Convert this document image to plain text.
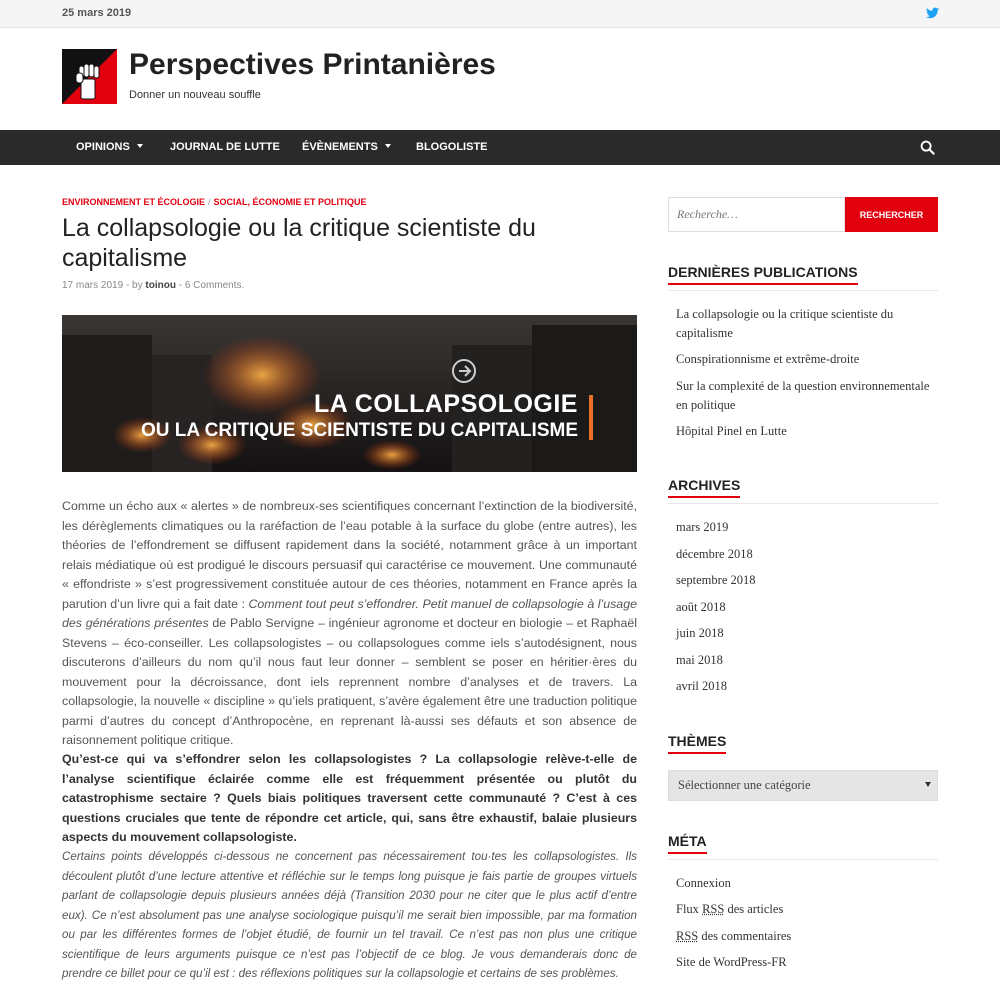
25 mars 2019
Perspectives Printanières
Donner un nouveau souffle
OPINIONS	JOURNAL DE LUTTE ÉVÈNEMENTS	BLOGOLISTE
ENVIRONNEMENT ET ÉCOLOGIE / SOCIAL, ÉCONOMIE ET POLITIQUE
La collapsologie ou la critique scientiste du capitalisme
17 mars 2019 - by toinou - 6 Comments.
LA COLLAPSOLOGIE
OU LA CRITIQUE SCIENTISTE DU CAPITALISME
Comme un écho aux « alertes » de nombreux-ses scientifiques concernant l’extinction de la biodiversité, les dérèglements climatiques ou la raréfaction de l’eau potable à la surface du globe (entre autres), les théories de l’effondrement se diffusent rapidement dans la société, notamment grâce à un important relais médiatique où est prodigué le discours persuasif qui caractérise ce mouvement. Une communauté « effondriste » s’est progressivement constituée autour de ces théories, notamment en France après la parution d’un livre qui a fait date : Comment tout peut s’effondrer. Petit manuel de collapsologie à l’usage des générations présentes de Pablo Servigne – ingénieur agronome et docteur en biologie – et Raphaël Stevens – éco-conseiller. Les collapsologistes – ou collapsologues comme iels s’autodésignent, nous discuterons d’ailleurs du nom qu’il nous faut leur donner – semblent se poser en héritier·ères du mouvement pour la décroissance, dont iels reprennent nombre d’analyses et de travers. La collapsologie, la nouvelle « discipline » qu’iels pratiquent, s’avère également être une traduction politique parmi d’autres du concept d’Anthropocène, en reprenant là-aussi ses défauts et son absence de raisonnement politique critique.
Qu’est-ce qui va s’effondrer selon les collapsologistes ? La collapsologie relève-t-elle de l’analyse scientifique éclairée comme elle est fréquemment présentée ou plutôt du catastrophisme sectaire ? Quels biais politiques traversent cette communauté ? C’est à ces questions cruciales que tente de répondre cet article, qui, sans être exhaustif, balaie plusieurs aspects du mouvement collapsologiste.
Certains points développés ci-dessous ne concernent pas nécessairement tou·tes les collapsologistes. Ils découlent plutôt d’une lecture attentive et réfléchie sur le temps long puisque je fais partie de groupes virtuels parlant de collapsologie depuis plusieurs années déjà (Transition 2030 pour ne citer que le plus actif d’entre eux). Ce n’est absolument pas une analyse sociologique puisqu’il me serait bien impossible, par ma formation ou par les différentes formes de l’objet étudié, de fournir un tel travail. Ce n’est pas non plus une critique scientifique de leurs arguments puisque ce n’est pas l’objectif de ce blog. Je vous demanderais donc de prendre ce billet pour ce qu’il est : des réflexions politiques sur la collapsologie et certains de ses problèmes.
Recherche…
RECHERCHER
DERNIÈRES PUBLICATIONS
La collapsologie ou la critique scientiste du capitalisme
Conspirationnisme et extrême-droite
Sur la complexité de la question environnementale en politique
Hôpital Pinel en Lutte
ARCHIVES
mars 2019
décembre 2018
septembre 2018
août 2018
juin 2018
mai 2018
avril 2018
THÈMES
Sélectionner une catégorie
MÉTA
Connexion
Flux RSS des articles
RSS des commentaires
Site de WordPress-FR
